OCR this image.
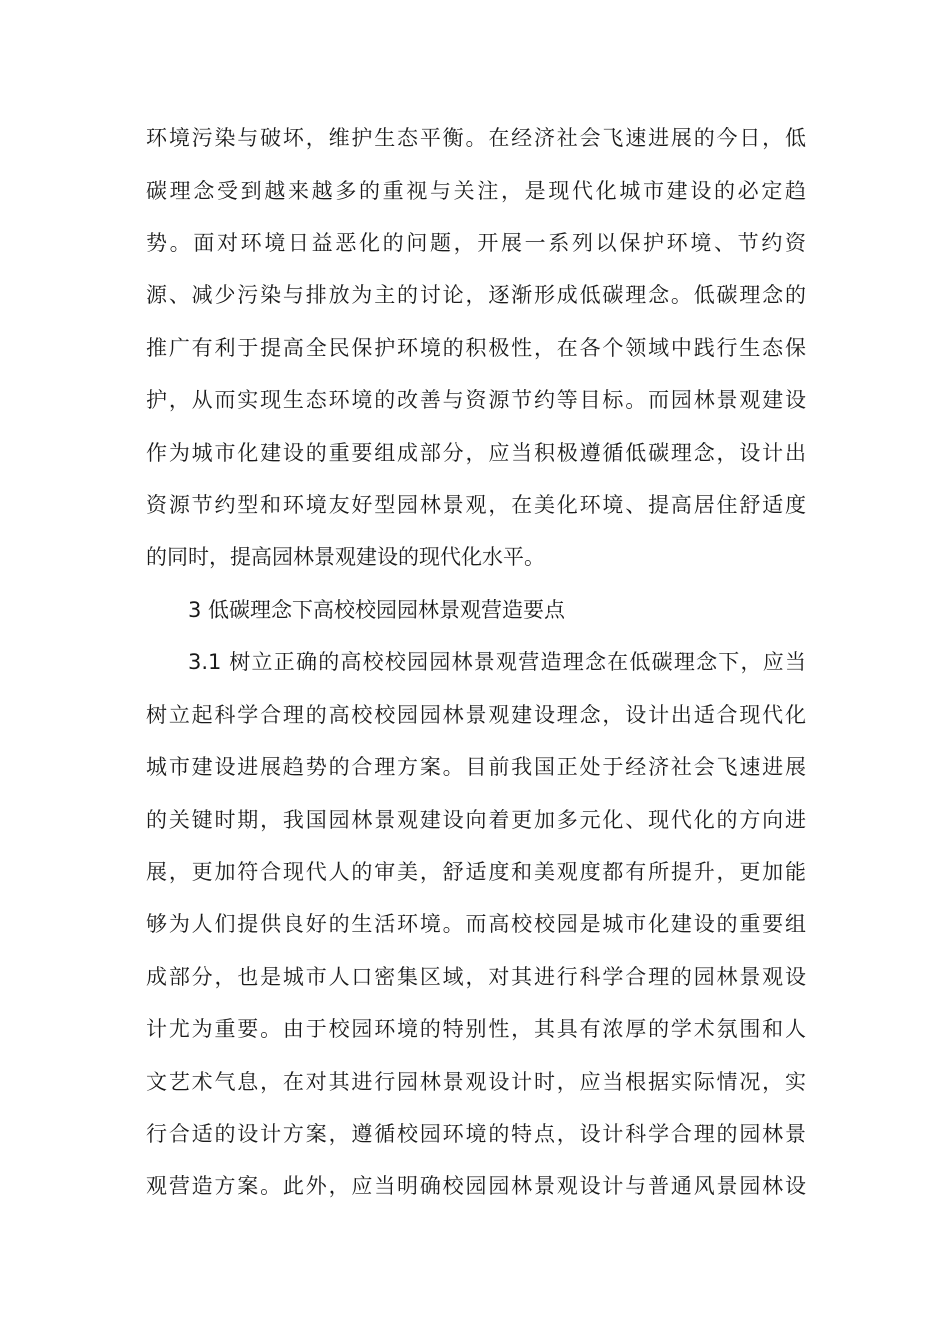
环境污染与破坏，维护生态平衡。在经济社会飞速进展的今日，低
碳理念受到越来越多的重视与关注，是现代化城市建设的必定趋
势。面对环境日益恶化的问题，开展一系列以保护环境、节约资
源、减少污染与排放为主的讨论，逐渐形成低碳理念。低碳理念的
推广有利于提高全民保护环境的积极性，在各个领域中践行生态保
护，从而实现生态环境的改善与资源节约等目标。而园林景观建设
作为城市化建设的重要组成部分，应当积极遵循低碳理念，设计出
资源节约型和环境友好型园林景观，在美化环境、提高居住舒适度
的同时，提高园林景观建设的现代化水平。
3 低碳理念下高校校园园林景观营造要点
3.1 树立正确的高校校园园林景观营造理念在低碳理念下，应当
树立起科学合理的高校校园园林景观建设理念，设计出适合现代化
城市建设进展趋势的合理方案。目前我国正处于经济社会飞速进展
的关键时期，我国园林景观建设向着更加多元化、现代化的方向进
展，更加符合现代人的审美，舒适度和美观度都有所提升，更加能
够为人们提供良好的生活环境。而高校校园是城市化建设的重要组
成部分，也是城市人口密集区域，对其进行科学合理的园林景观设
计尤为重要。由于校园环境的特别性，其具有浓厚的学术氛围和人
文艺术气息，在对其进行园林景观设计时，应当根据实际情况，实
行合适的设计方案，遵循校园环境的特点，设计科学合理的园林景
观营造方案。此外，应当明确校园园林景观设计与普通风景园林设
